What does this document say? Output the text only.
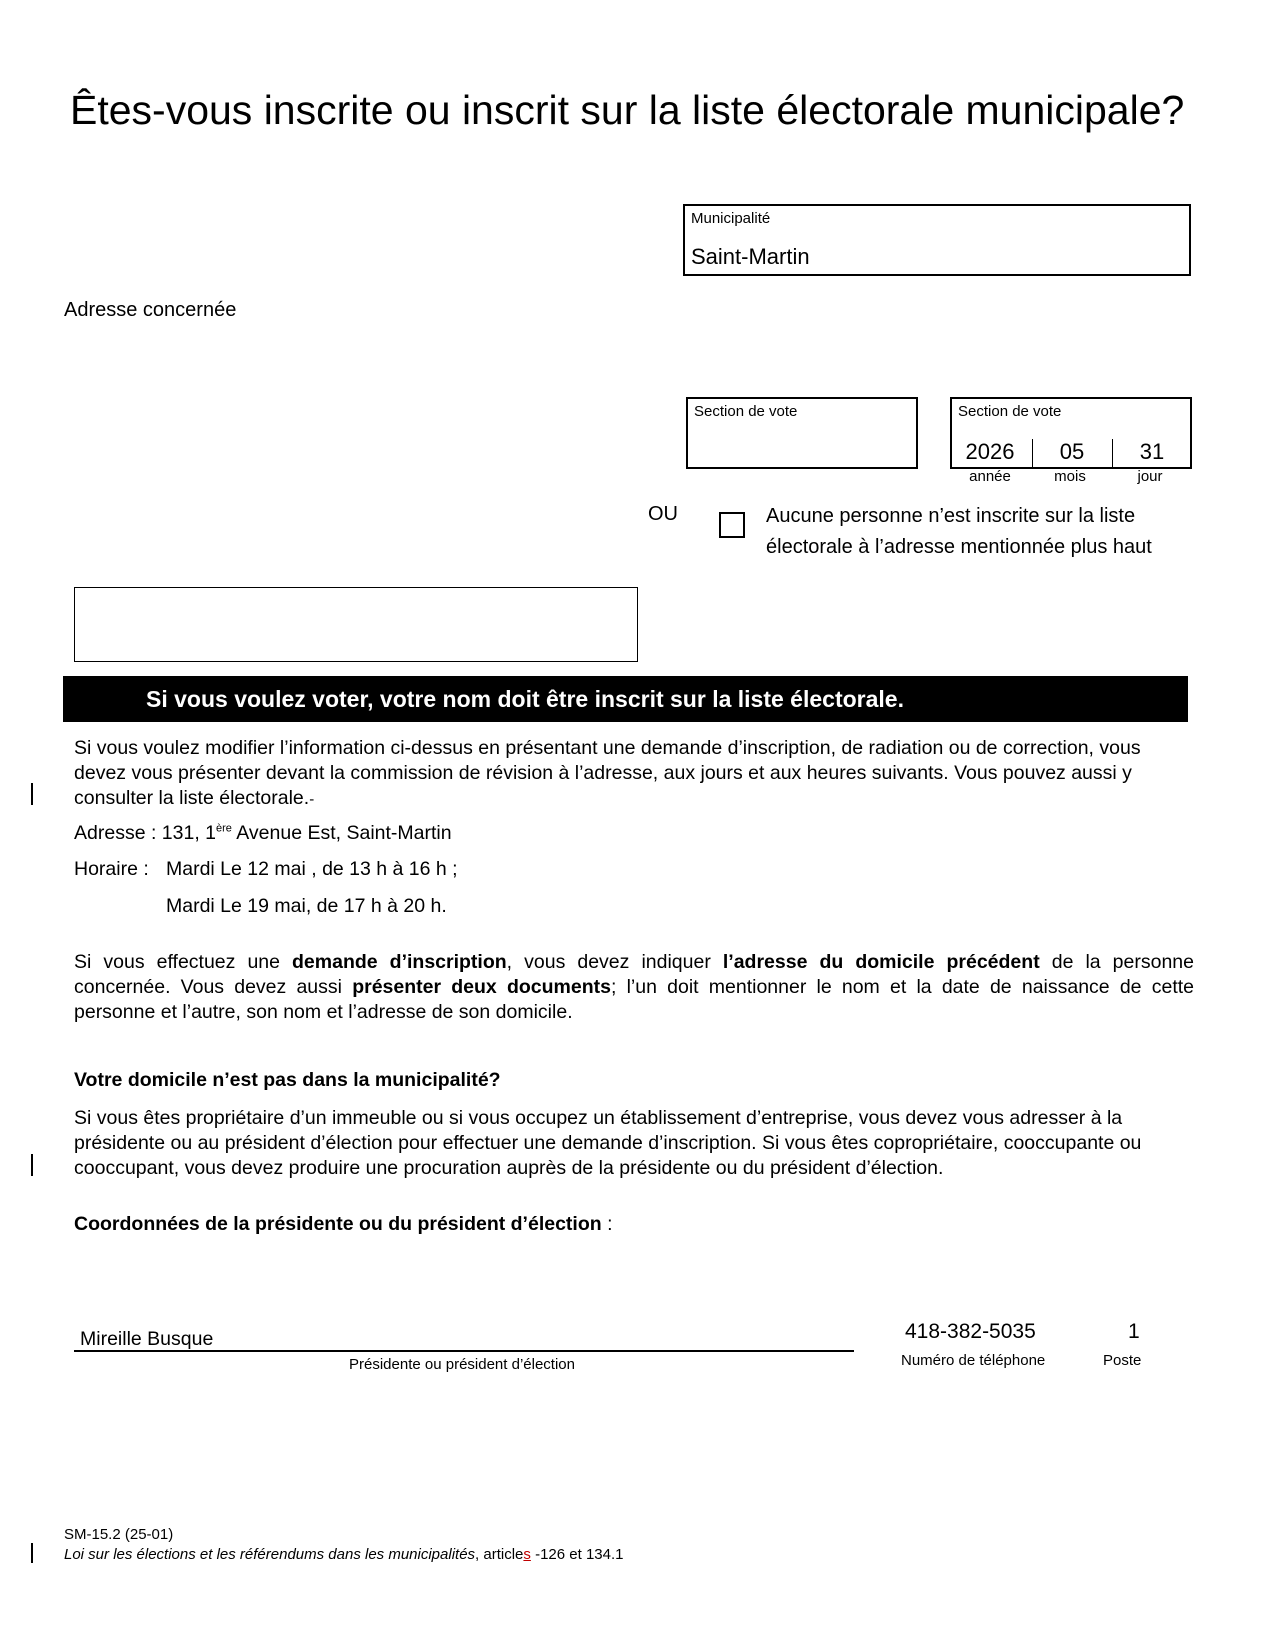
Êtes-vous inscrite ou inscrit sur la liste électorale municipale?
Municipalité
Saint-Martin
Adresse concernée
Section de vote	Section de vote
2026	05	31
année	mois	jour
OU	Aucune personne n’est inscrite sur la liste
électorale à l’adresse mentionnée plus haut
Si vous voulez voter, votre nom doit être inscrit sur la liste électorale.
Si vous voulez modifier l’information ci-dessus en présentant une demande d’inscription, de radiation ou de correction, vous devez vous présenter devant la commission de révision à l’adresse, aux jours et aux heures suivants. Vous pouvez aussi y consulter la liste électorale.-
Adresse : 131, 1ère Avenue Est, Saint-Martin
Horaire : Mardi Le 12 mai , de 13 h à 16 h ;
Mardi Le 19 mai, de 17 h à 20 h.
Si vous effectuez une demande d’inscription, vous devez indiquer l’adresse du domicile précédent de la personne concernée. Vous devez aussi présenter deux documents; l’un doit mentionner le nom et la date de naissance de cette personne et l’autre, son nom et l’adresse de son domicile.
Votre domicile n’est pas dans la municipalité?
Si vous êtes propriétaire d’un immeuble ou si vous occupez un établissement d’entreprise, vous devez vous adresser à la présidente ou au président d’élection pour effectuer une demande d’inscription. Si vous êtes copropriétaire, cooccupante ou cooccupant, vous devez produire une procuration auprès de la présidente ou du président d’élection.
Coordonnées de la présidente ou du président d’élection :
Mireille Busque
Présidente ou président d’élection
418-382-5035
Numéro de téléphone
1
Poste
SM-15.2 (25-01)
Loi sur les élections et les référendums dans les municipalités, articles -126 et 134.1
